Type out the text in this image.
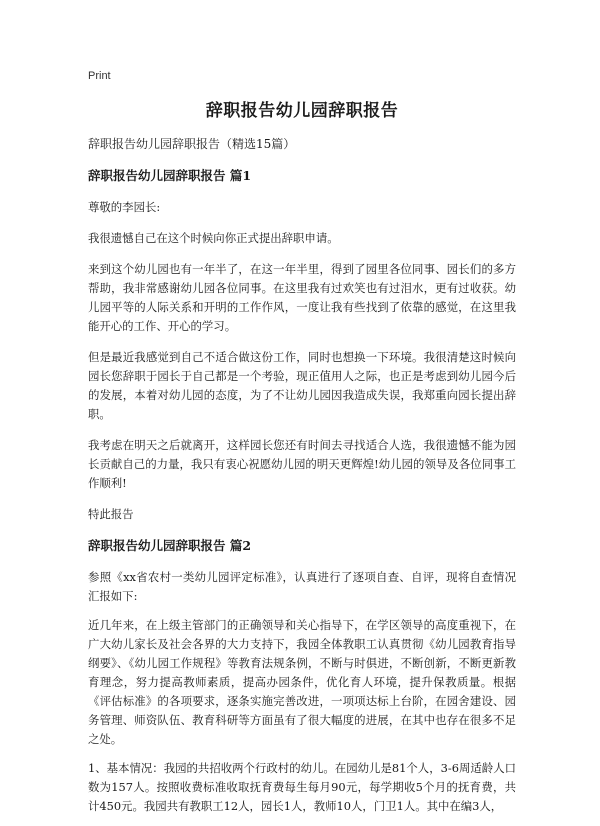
Print

辞职报告幼儿园辞职报告

辞职报告幼儿园辞职报告（精选15篇）

辞职报告幼儿园辞职报告 篇1

尊敬的李园长:

我很遗憾自己在这个时候向你正式提出辞职申请。

来到这个幼儿园也有一年半了，在这一年半里，得到了园里各位同事、园长们的多方帮助，我非常感谢幼儿园各位同事。在这里我有过欢笑也有过泪水，更有过收获。幼儿园平等的人际关系和开明的工作作风，一度让我有些找到了依靠的感觉，在这里我能开心的工作、开心的学习。

但是最近我感觉到自己不适合做这份工作，同时也想换一下环境。我很清楚这时候向园长您辞职于园长于自己都是一个考验，现正值用人之际，也正是考虑到幼儿园今后的发展，本着对幼儿园的态度，为了不让幼儿园因我造成失误，我郑重向园长提出辞职。

我考虑在明天之后就离开，这样园长您还有时间去寻找适合人选，我很遗憾不能为园长贡献自己的力量，我只有衷心祝愿幼儿园的明天更辉煌!幼儿园的领导及各位同事工作顺利!

特此报告

辞职报告幼儿园辞职报告 篇2

参照《xx省农村一类幼儿园评定标准》，认真进行了逐项自查、自评，现将自查情况汇报如下:

近几年来，在上级主管部门的正确领导和关心指导下，在学区领导的高度重视下，在广大幼儿家长及社会各界的大力支持下，我园全体教职工认真贯彻《幼儿园教育指导纲要》、《幼儿园工作规程》等教育法规条例，不断与时俱进，不断创新，不断更新教育理念，努力提高教师素质，提高办园条件，优化育人环境，提升保教质量。根据《评估标准》的各项要求，逐条实施完善改进，一项项达标上台阶，在园舍建设、园务管理、师资队伍、教育科研等方面虽有了很大幅度的进展，在其中也存在很多不足之处。

1、基本情况：我园的共招收两个行政村的幼儿。在园幼儿是81个人，3-6周适龄人口数为157人。按照收费标准收取抚育费每生每月90元，每学期收5个月的抚育费，共计450元。我园共有教职工12人，园长1人，教师10人，门卫1人。其中在编3人，
